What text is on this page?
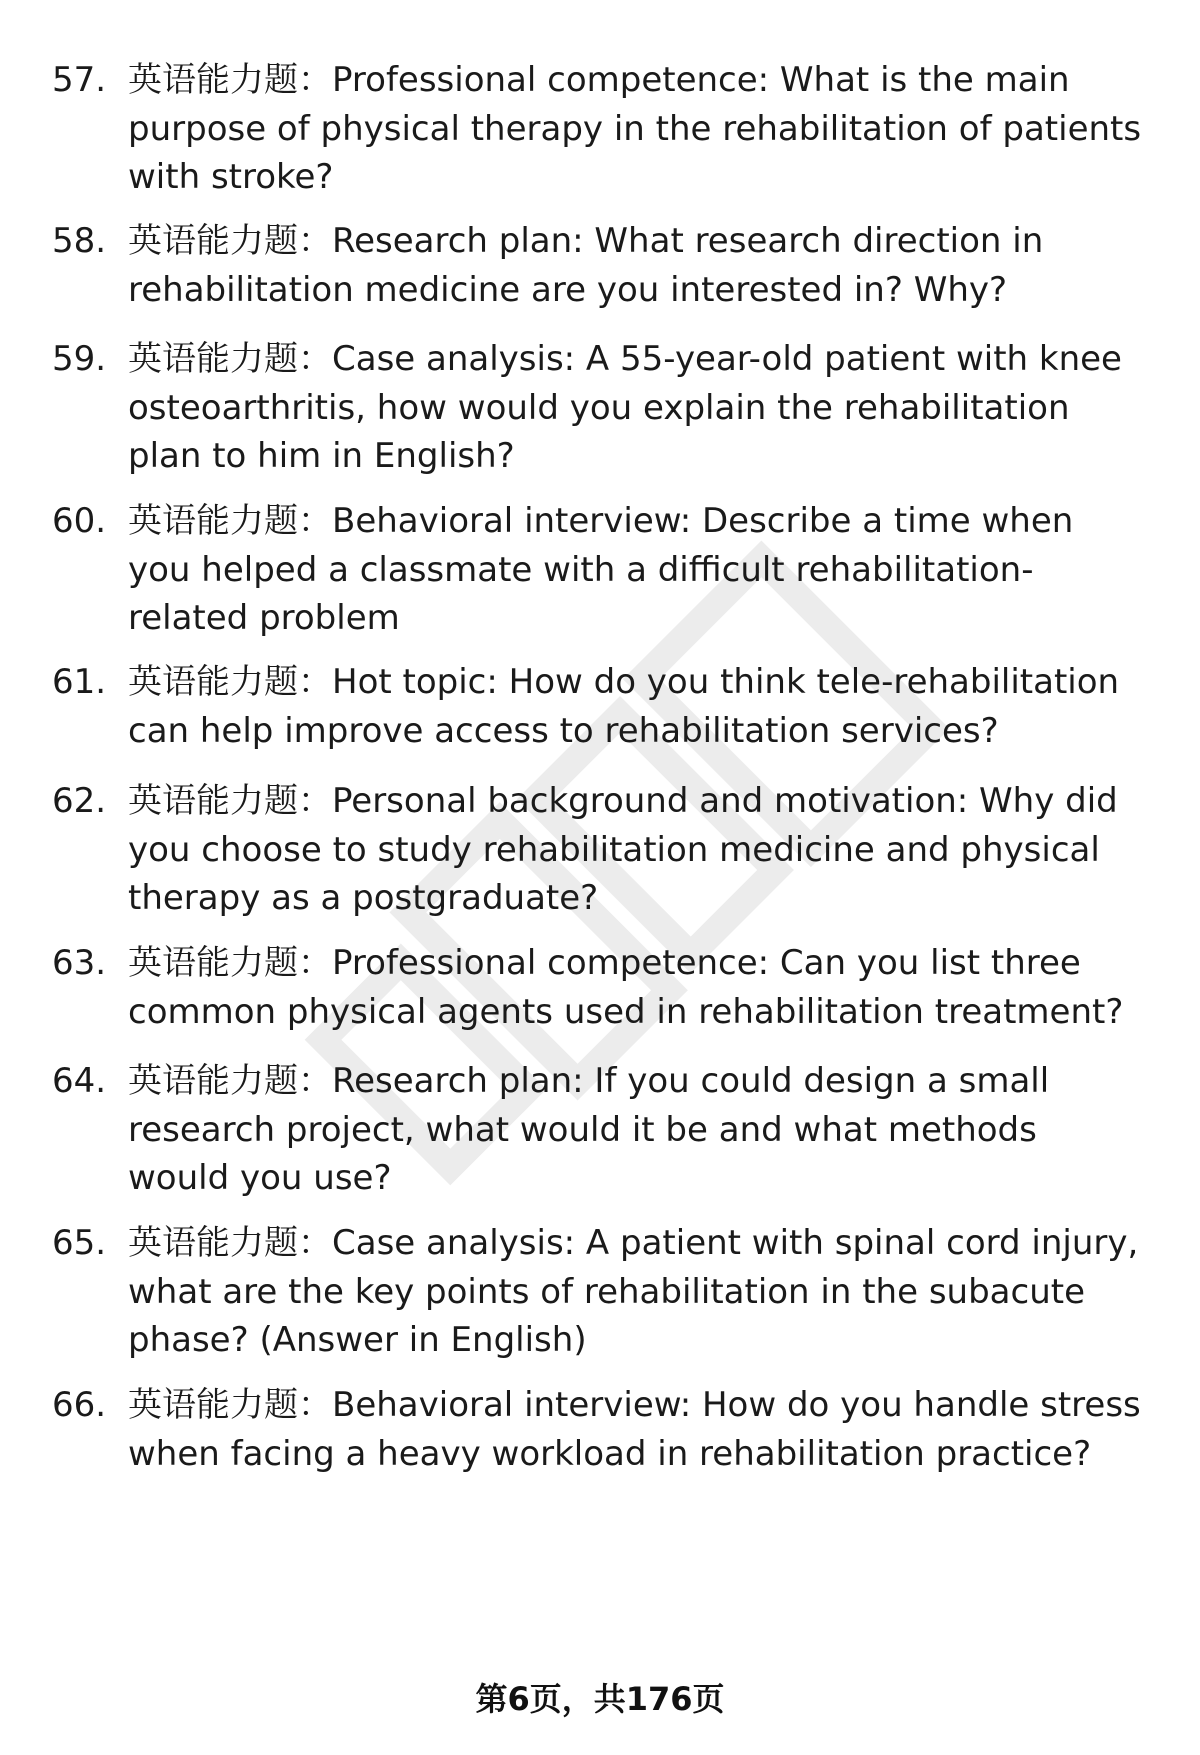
57. 英语能力题：Professional competence: What is the main
purpose of physical therapy in the rehabilitation of patients
with stroke?
58. 英语能力题：Research plan: What research direction in
rehabilitation medicine are you interested in? Why?
59. 英语能力题：Case analysis: A 55-year-old patient with knee
osteoarthritis, how would you explain the rehabilitation
plan to him in English?
60. 英语能力题：Behavioral interview: Describe a time when
you helped a classmate with a difficult rehabilitation-
related problem
61. 英语能力题：Hot topic: How do you think tele-rehabilitation
can help improve access to rehabilitation services?
62. 英语能力题：Personal background and motivation: Why did
you choose to study rehabilitation medicine and physical
therapy as a postgraduate?
63. 英语能力题：Professional competence: Can you list three
common physical agents used in rehabilitation treatment?
64. 英语能力题：Research plan: If you could design a small
research project, what would it be and what methods
would you use?
65. 英语能力题：Case analysis: A patient with spinal cord injury,
what are the key points of rehabilitation in the subacute
phase? (Answer in English)
66. 英语能力题：Behavioral interview: How do you handle stress
when facing a heavy workload in rehabilitation practice?
第6页，共176页
